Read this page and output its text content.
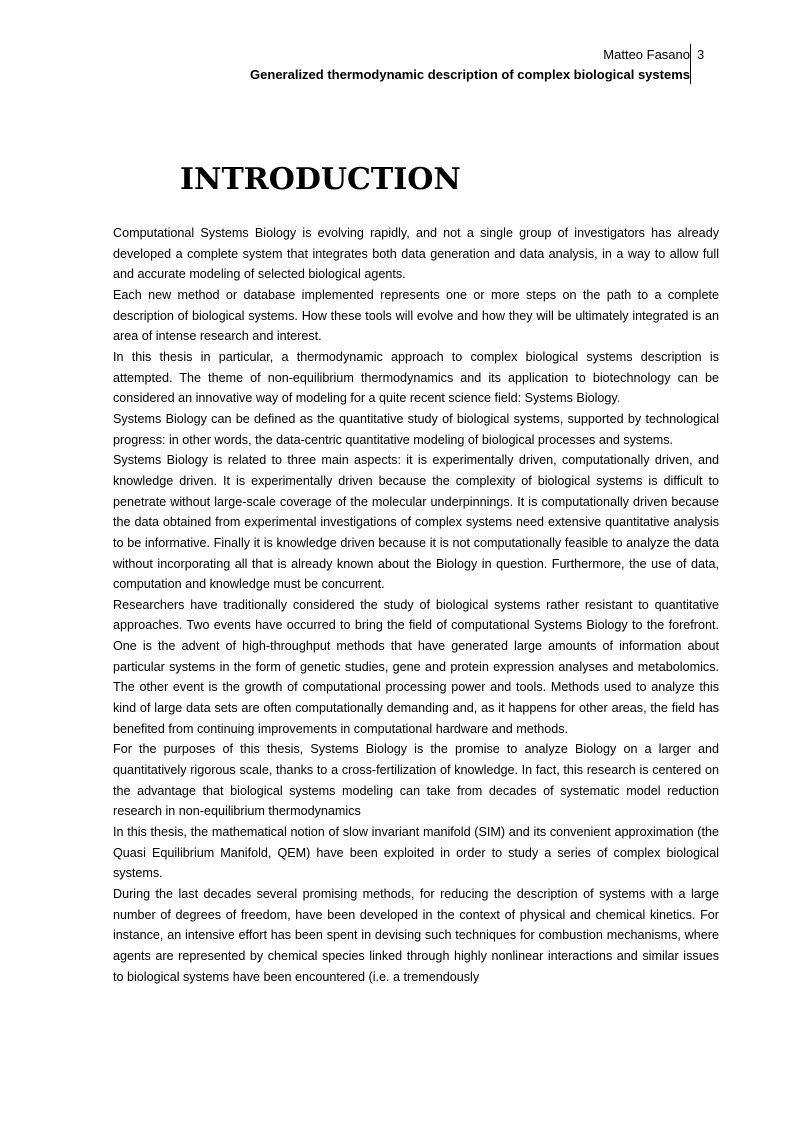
Matteo Fasano
Generalized thermodynamic description of complex biological systems
3
INTRODUCTION

Computational Systems Biology is evolving rapidly, and not a single group of investigators has already developed a complete system that integrates both data generation and data analysis, in a way to allow full and accurate modeling of selected biological agents.

Each new method or database implemented represents one or more steps on the path to a complete description of biological systems. How these tools will evolve and how they will be ultimately integrated is an area of intense research and interest.

In this thesis in particular, a thermodynamic approach to complex biological systems description is attempted. The theme of non-equilibrium thermodynamics and its application to biotechnology can be considered an innovative way of modeling for a quite recent science field: Systems Biology.

Systems Biology can be defined as the quantitative study of biological systems, supported by technological progress: in other words, the data-centric quantitative modeling of biological processes and systems.

Systems Biology is related to three main aspects: it is experimentally driven, computationally driven, and knowledge driven. It is experimentally driven because the complexity of biological systems is difficult to penetrate without large-scale coverage of the molecular underpinnings. It is computationally driven because the data obtained from experimental investigations of complex systems need extensive quantitative analysis to be informative. Finally it is knowledge driven because it is not computationally feasible to analyze the data without incorporating all that is already known about the Biology in question. Furthermore, the use of data, computation and knowledge must be concurrent.

Researchers have traditionally considered the study of biological systems rather resistant to quantitative approaches. Two events have occurred to bring the field of computational Systems Biology to the forefront. One is the advent of high-throughput methods that have generated large amounts of information about particular systems in the form of genetic studies, gene and protein expression analyses and metabolomics. The other event is the growth of computational processing power and tools. Methods used to analyze this kind of large data sets are often computationally demanding and, as it happens for other areas, the field has benefited from continuing improvements in computational hardware and methods.

For the purposes of this thesis, Systems Biology is the promise to analyze Biology on a larger and quantitatively rigorous scale, thanks to a cross-fertilization of knowledge. In fact, this research is centered on the advantage that biological systems modeling can take from decades of systematic model reduction research in non-equilibrium thermodynamics

In this thesis, the mathematical notion of slow invariant manifold (SIM) and its convenient approximation (the Quasi Equilibrium Manifold, QEM) have been exploited in order to study a series of complex biological systems.

During the last decades several promising methods, for reducing the description of systems with a large number of degrees of freedom, have been developed in the context of physical and chemical kinetics. For instance, an intensive effort has been spent in devising such techniques for combustion mechanisms, where agents are represented by chemical species linked through highly nonlinear interactions and similar issues to biological systems have been encountered (i.e. a tremendously
